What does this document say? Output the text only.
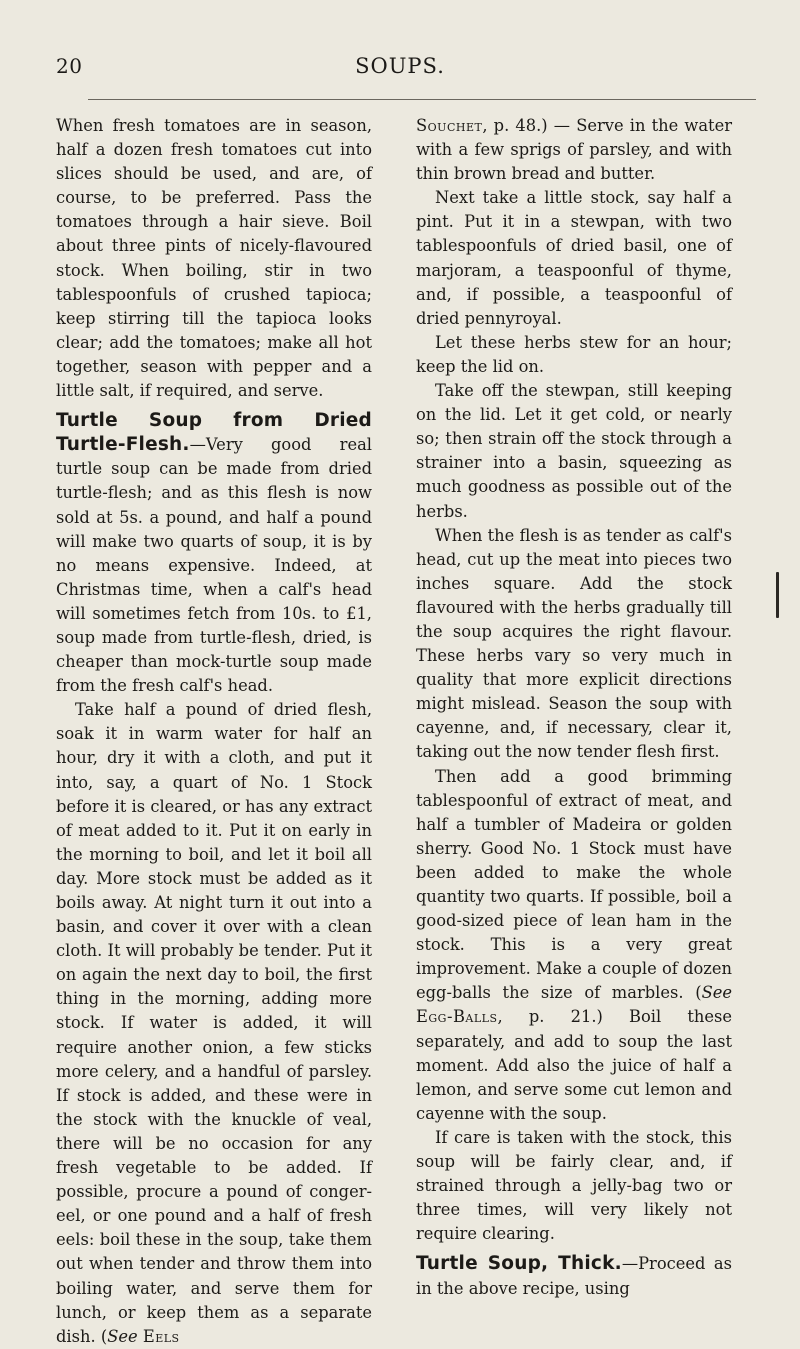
20	SOUPS.

When fresh tomatoes are in season, half a dozen fresh tomatoes cut into slices should be used, and are, of course, to be preferred. Pass the tomatoes through a hair sieve. Boil about three pints of nicely-flavoured stock. When boiling, stir in two tablespoonfuls of crushed tapioca; keep stirring till the tapioca looks clear; add the tomatoes; make all hot together, season with pepper and a little salt, if required, and serve.

Turtle Soup from Dried Turtle-Flesh.—Very good real turtle soup can be made from dried turtle-flesh; and as this flesh is now sold at 5s. a pound, and half a pound will make two quarts of soup, it is by no means expensive. Indeed, at Christmas time, when a calf's head will sometimes fetch from 10s. to £1, soup made from turtle-flesh, dried, is cheaper than mock-turtle soup made from the fresh calf's head.

Take half a pound of dried flesh, soak it in warm water for half an hour, dry it with a cloth, and put it into, say, a quart of No. 1 Stock before it is cleared, or has any extract of meat added to it. Put it on early in the morning to boil, and let it boil all day. More stock must be added as it boils away. At night turn it out into a basin, and cover it over with a clean cloth. It will probably be tender. Put it on again the next day to boil, the first thing in the morning, adding more stock. If water is added, it will require another onion, a few sticks more celery, and a handful of parsley. If stock is added, and these were in the stock with the knuckle of veal, there will be no occasion for any fresh vegetable to be added. If possible, procure a pound of conger-eel, or one pound and a half of fresh eels: boil these in the soup, take them out when tender and throw them into boiling water, and serve them for lunch, or keep them as a separate dish. (See Eels

Souchet, p. 48.) — Serve in the water with a few sprigs of parsley, and with thin brown bread and butter.

Next take a little stock, say half a pint. Put it in a stewpan, with two tablespoonfuls of dried basil, one of marjoram, a teaspoonful of thyme, and, if possible, a teaspoonful of dried pennyroyal.

Let these herbs stew for an hour; keep the lid on.

Take off the stewpan, still keeping on the lid. Let it get cold, or nearly so; then strain off the stock through a strainer into a basin, squeezing as much goodness as possible out of the herbs.

When the flesh is as tender as calf's head, cut up the meat into pieces two inches square. Add the stock flavoured with the herbs gradually till the soup acquires the right flavour. These herbs vary so very much in quality that more explicit directions might mislead. Season the soup with cayenne, and, if necessary, clear it, taking out the now tender flesh first.

Then add a good brimming tablespoonful of extract of meat, and half a tumbler of Madeira or golden sherry. Good No. 1 Stock must have been added to make the whole quantity two quarts. If possible, boil a good-sized piece of lean ham in the stock. This is a very great improvement. Make a couple of dozen egg-balls the size of marbles. (See Egg-Balls, p. 21.) Boil these separately, and add to soup the last moment. Add also the juice of half a lemon, and serve some cut lemon and cayenne with the soup.

If care is taken with the stock, this soup will be fairly clear, and, if strained through a jelly-bag two or three times, will very likely not require clearing.

Turtle Soup, Thick.—Proceed as in the above recipe, using
